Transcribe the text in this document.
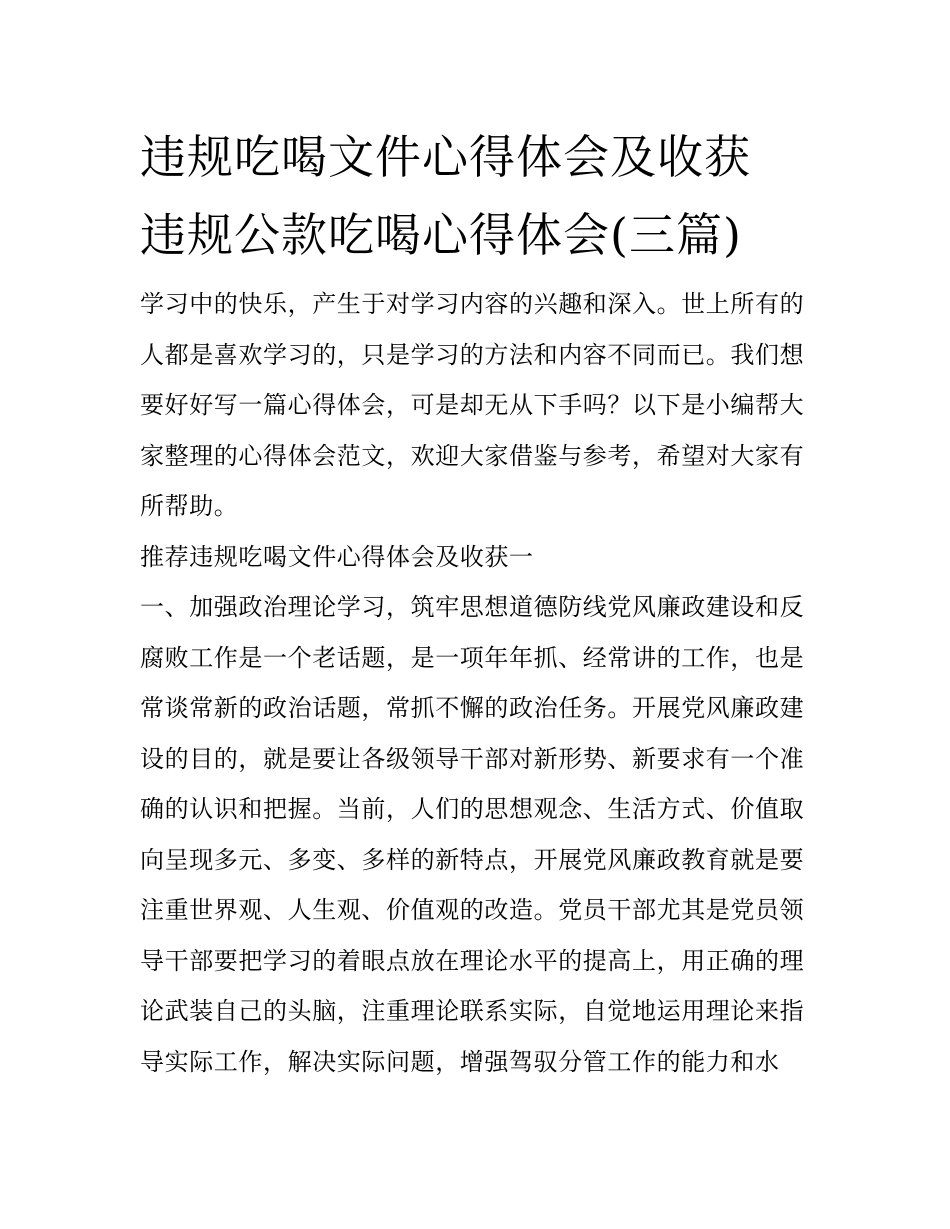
违规吃喝文件心得体会及收获
违规公款吃喝心得体会(三篇)
学习中的快乐，产生于对学习内容的兴趣和深入。世上所有的
人都是喜欢学习的，只是学习的方法和内容不同而已。我们想
要好好写一篇心得体会，可是却无从下手吗？以下是小编帮大
家整理的心得体会范文，欢迎大家借鉴与参考，希望对大家有
所帮助。
推荐违规吃喝文件心得体会及收获一
一、加强政治理论学习，筑牢思想道德防线党风廉政建设和反
腐败工作是一个老话题，是一项年年抓、经常讲的工作，也是
常谈常新的政治话题，常抓不懈的政治任务。开展党风廉政建
设的目的，就是要让各级领导干部对新形势、新要求有一个准
确的认识和把握。当前，人们的思想观念、生活方式、价值取
向呈现多元、多变、多样的新特点，开展党风廉政教育就是要
注重世界观、人生观、价值观的改造。党员干部尤其是党员领
导干部要把学习的着眼点放在理论水平的提高上，用正确的理
论武装自己的头脑，注重理论联系实际，自觉地运用理论来指
导实际工作，解决实际问题，增强驾驭分管工作的能力和水
